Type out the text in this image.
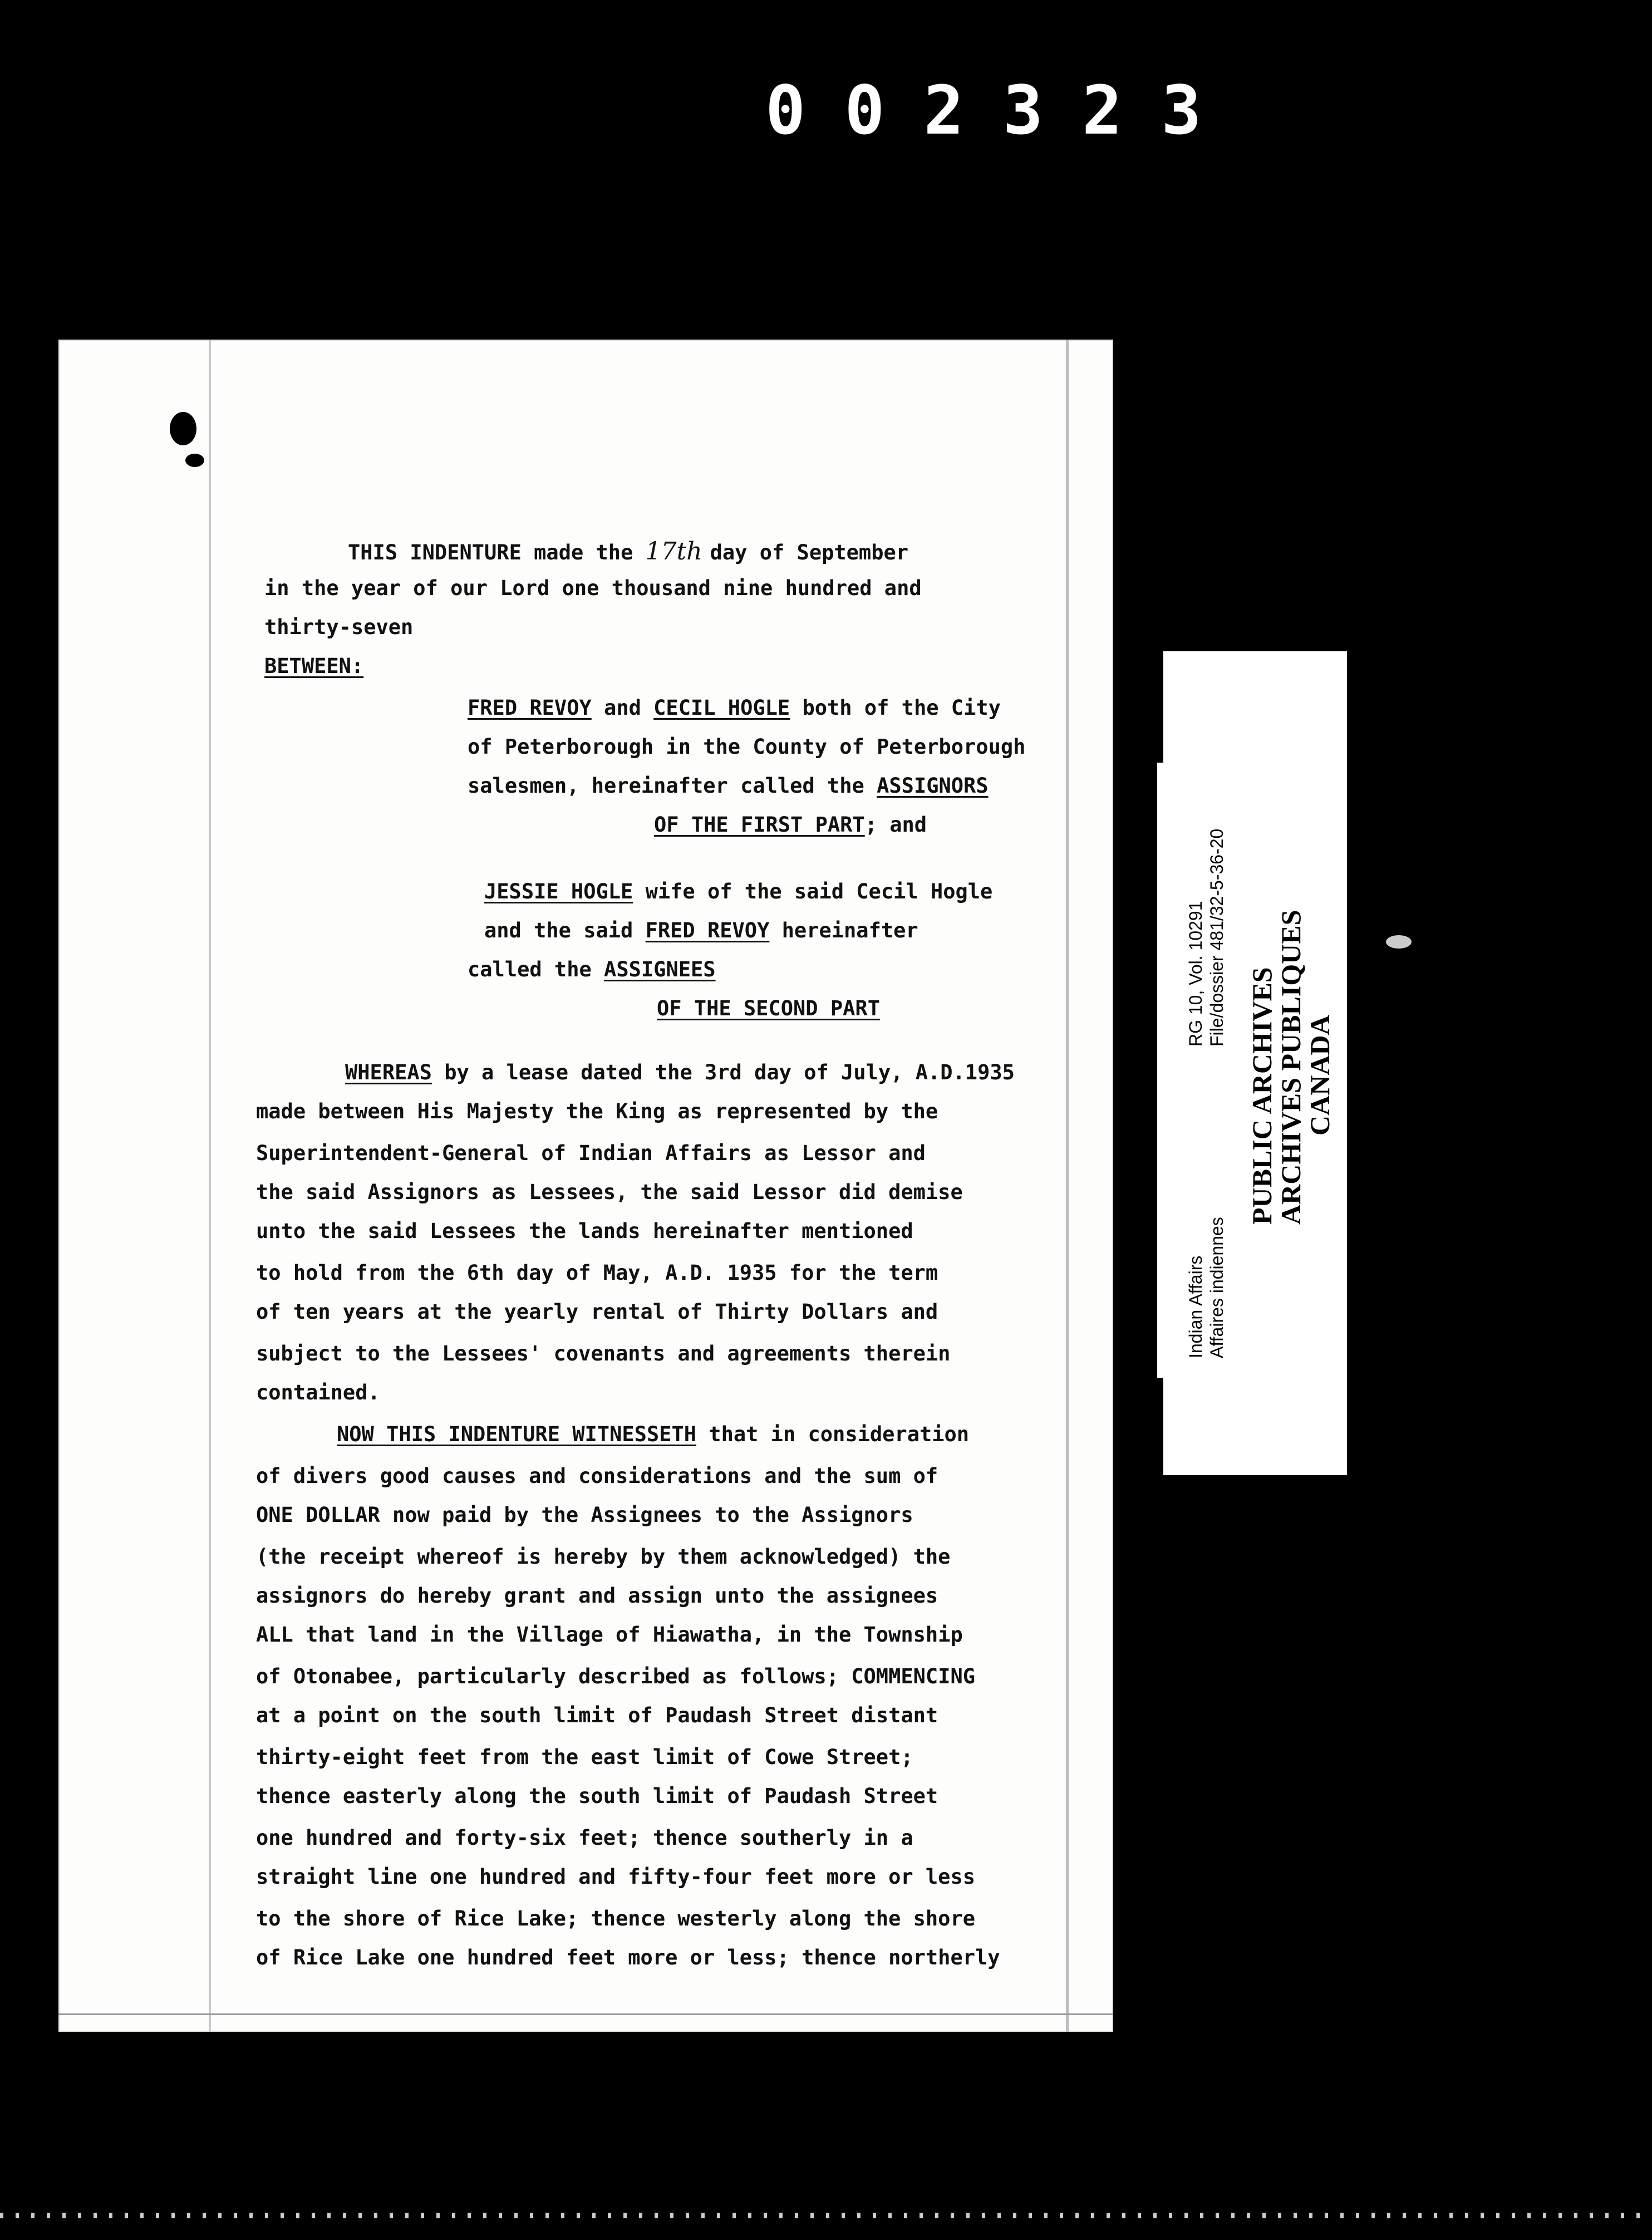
002323
THIS INDENTURE made the 17th day of September
in the year of our Lord one thousand nine hundred and
thirty-seven
BETWEEN:
FRED REVOY and CECIL HOGLE both of the City
of Peterborough in the County of Peterborough
salesmen, hereinafter called the ASSIGNORS
OF THE FIRST PART; and
JESSIE HOGLE wife of the said Cecil Hogle
and the said FRED REVOY hereinafter
called the ASSIGNEES
OF THE SECOND PART
WHEREAS by a lease dated the 3rd day of July, A.D.1935
made between His Majesty the King as represented by the
Superintendent-General of Indian Affairs as Lessor and
the said Assignors as Lessees, the said Lessor did demise
unto the said Lessees the lands hereinafter mentioned
to hold from the 6th day of May, A.D. 1935 for the term
of ten years at the yearly rental of Thirty Dollars and
subject to the Lessees' covenants and agreements therein
contained.
NOW THIS INDENTURE WITNESSETH that in consideration
of divers good causes and considerations and the sum of
ONE DOLLAR now paid by the Assignees to the Assignors
(the receipt whereof is hereby by them acknowledged) the
assignors do hereby grant and assign unto the assignees
ALL that land in the Village of Hiawatha, in the Township
of Otonabee, particularly described as follows; COMMENCING
at a point on the south limit of Paudash Street distant
thirty-eight feet from the east limit of Cowe Street;
thence easterly along the south limit of Paudash Street
one hundred and forty-six feet; thence southerly in a
straight line one hundred and fifty-four feet more or less
to the shore of Rice Lake; thence westerly along the shore
of Rice Lake one hundred feet more or less; thence northerly
Indian Affairs Affaires indiennes
RG 10, Vol. 10291 File/dossier 481/32-5-36-20
PUBLIC ARCHIVES
ARCHIVES PUBLIQUES
CANADA
